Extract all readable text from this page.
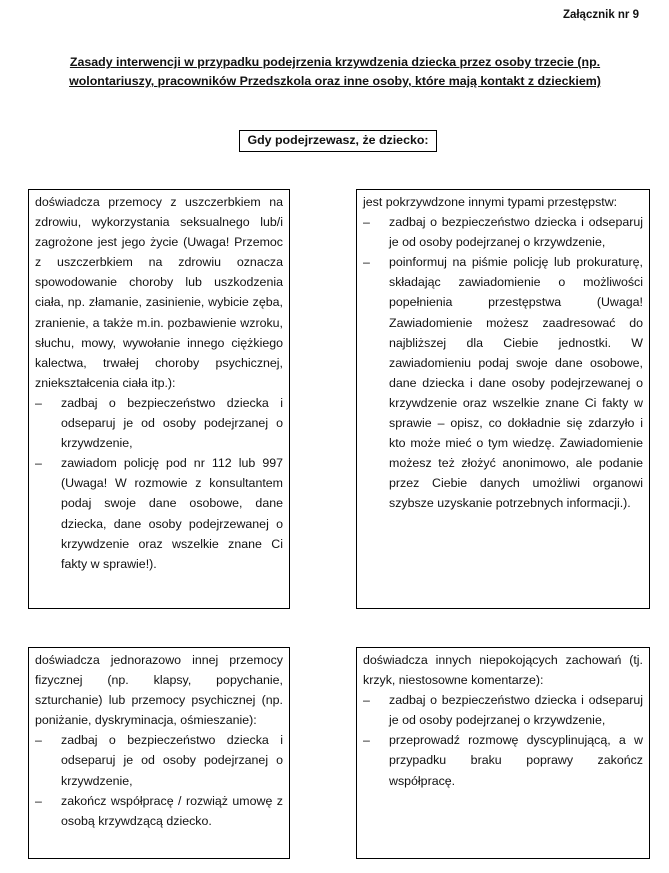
Załącznik nr 9
Zasady interwencji w przypadku podejrzenia krzywdzenia dziecka przez osoby trzecie (np. wolontariuszy, pracowników Przedszkola oraz inne osoby, które mają kontakt z dzieckiem)
Gdy podejrzewasz, że dziecko:

doświadcza przemocy z uszczerbkiem na zdrowiu, wykorzystania seksualnego lub/i zagrożone jest jego życie (Uwaga! Przemoc z uszczerbkiem na zdrowiu oznacza spowodowanie choroby lub uszkodzenia ciała, np. złamanie, zasinienie, wybicie zęba, zranienie, a także m.in. pozbawienie wzroku, słuchu, mowy, wywołanie innego ciężkiego kalectwa, trwałej choroby psychicznej, zniekształcenia ciała itp.):

– zadbaj o bezpieczeństwo dziecka i odseparuj je od osoby podejrzanej o krzywdzenie,
– zawiadom policję pod nr 112 lub 997 (Uwaga! W rozmowie z konsultantem podaj swoje dane osobowe, dane dziecka, dane osoby podejrzewanej o krzywdzenie oraz wszelkie znane Ci fakty w sprawie!).

jest pokrzywdzone innymi typami przestępstw:

– zadbaj o bezpieczeństwo dziecka i odseparuj je od osoby podejrzanej o krzywdzenie,
– poinformuj na piśmie policję lub prokuraturę, składając zawiadomienie o możliwości popełnienia przestępstwa (Uwaga! Zawiadomienie możesz zaadresować do najbliższej dla Ciebie jednostki. W zawiadomieniu podaj swoje dane osobowe, dane dziecka i dane osoby podejrzewanej o krzywdzenie oraz wszelkie znane Ci fakty w sprawie – opisz, co dokładnie się zdarzyło i kto może mieć o tym wiedzę. Zawiadomienie możesz też złożyć anonimowo, ale podanie przez Ciebie danych umożliwi organowi szybsze uzyskanie potrzebnych informacji.).

doświadcza jednorazowo innej przemocy fizycznej (np. klapsy, popychanie, szturchanie) lub przemocy psychicznej (np. poniżanie, dyskryminacja, ośmieszanie):

– zadbaj o bezpieczeństwo dziecka i odseparuj je od osoby podejrzanej o krzywdzenie,
– zakończ współpracę / rozwiąż umowę z osobą krzywdzącą dziecko.

doświadcza innych niepokojących zachowań (tj. krzyk, niestosowne komentarze):

– zadbaj o bezpieczeństwo dziecka i odseparuj je od osoby podejrzanej o krzywdzenie,
– przeprowadź rozmowę dyscyplinującą, a w przypadku braku poprawy zakończ współpracę.
